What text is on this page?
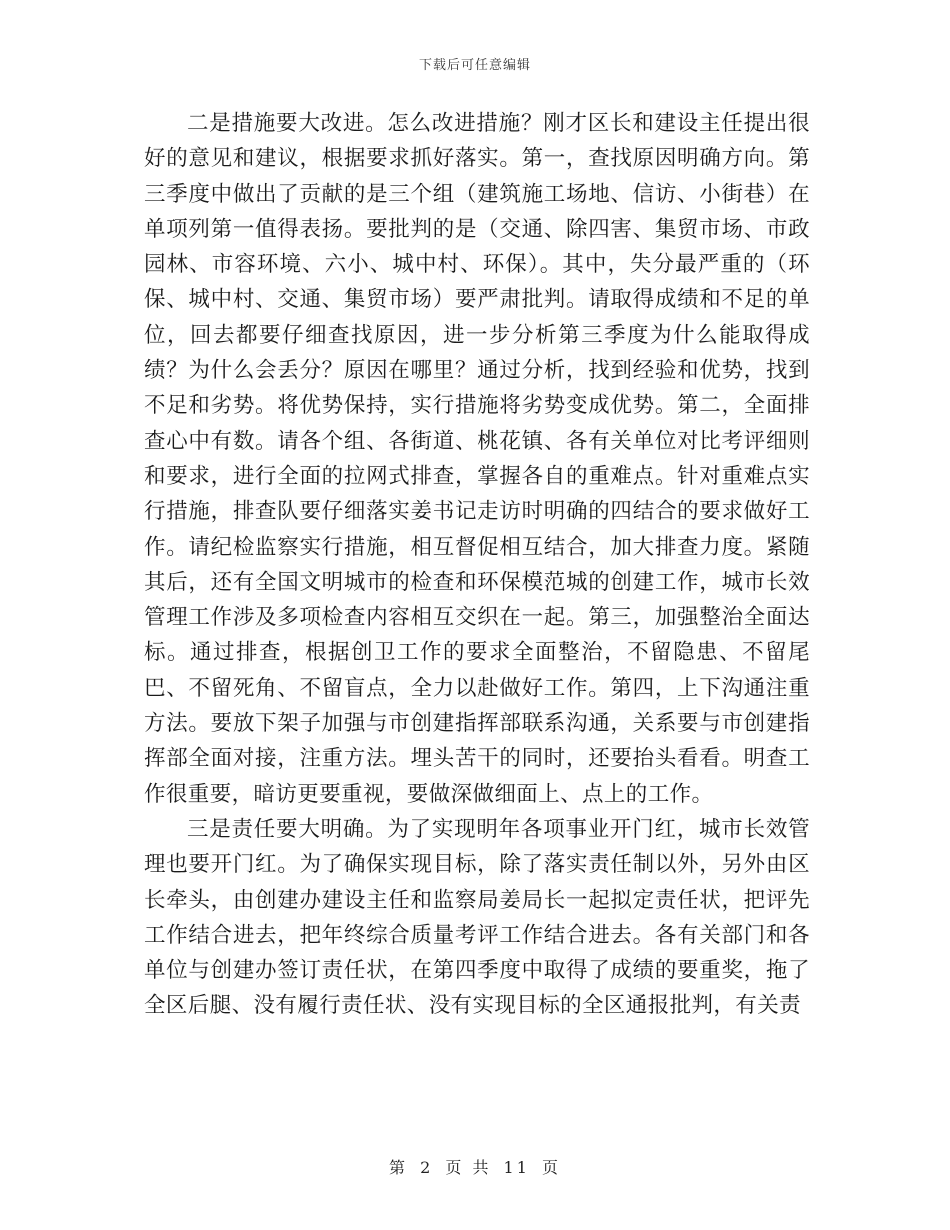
下载后可任意编辑

二是措施要大改进。怎么改进措施？刚才区长和建设主任提出很好的意见和建议，根据要求抓好落实。第一，查找原因明确方向。第三季度中做出了贡献的是三个组（建筑施工场地、信访、小街巷）在单项列第一值得表扬。要批判的是（交通、除四害、集贸市场、市政园林、市容环境、六小、城中村、环保）。其中，失分最严重的（环保、城中村、交通、集贸市场）要严肃批判。请取得成绩和不足的单位，回去都要仔细查找原因，进一步分析第三季度为什么能取得成绩？为什么会丢分？原因在哪里？通过分析，找到经验和优势，找到不足和劣势。将优势保持，实行措施将劣势变成优势。第二，全面排查心中有数。请各个组、各街道、桃花镇、各有关单位对比考评细则和要求，进行全面的拉网式排查，掌握各自的重难点。针对重难点实行措施，排查队要仔细落实姜书记走访时明确的四结合的要求做好工作。请纪检监察实行措施，相互督促相互结合，加大排查力度。紧随其后，还有全国文明城市的检查和环保模范城的创建工作，城市长效管理工作涉及多项检查内容相互交织在一起。第三，加强整治全面达标。通过排查，根据创卫工作的要求全面整治，不留隐患、不留尾巴、不留死角、不留盲点，全力以赴做好工作。第四，上下沟通注重方法。要放下架子加强与市创建指挥部联系沟通，关系要与市创建指挥部全面对接，注重方法。埋头苦干的同时，还要抬头看看。明查工作很重要，暗访更要重视，要做深做细面上、点上的工作。

三是责任要大明确。为了实现明年各项事业开门红，城市长效管理也要开门红。为了确保实现目标，除了落实责任制以外，另外由区长牵头，由创建办建设主任和监察局姜局长一起拟定责任状，把评先工作结合进去，把年终综合质量考评工作结合进去。各有关部门和各单位与创建办签订责任状，在第四季度中取得了成绩的要重奖，拖了全区后腿、没有履行责任状、没有实现目标的全区通报批判，有关责

第 2 页 共 11 页
